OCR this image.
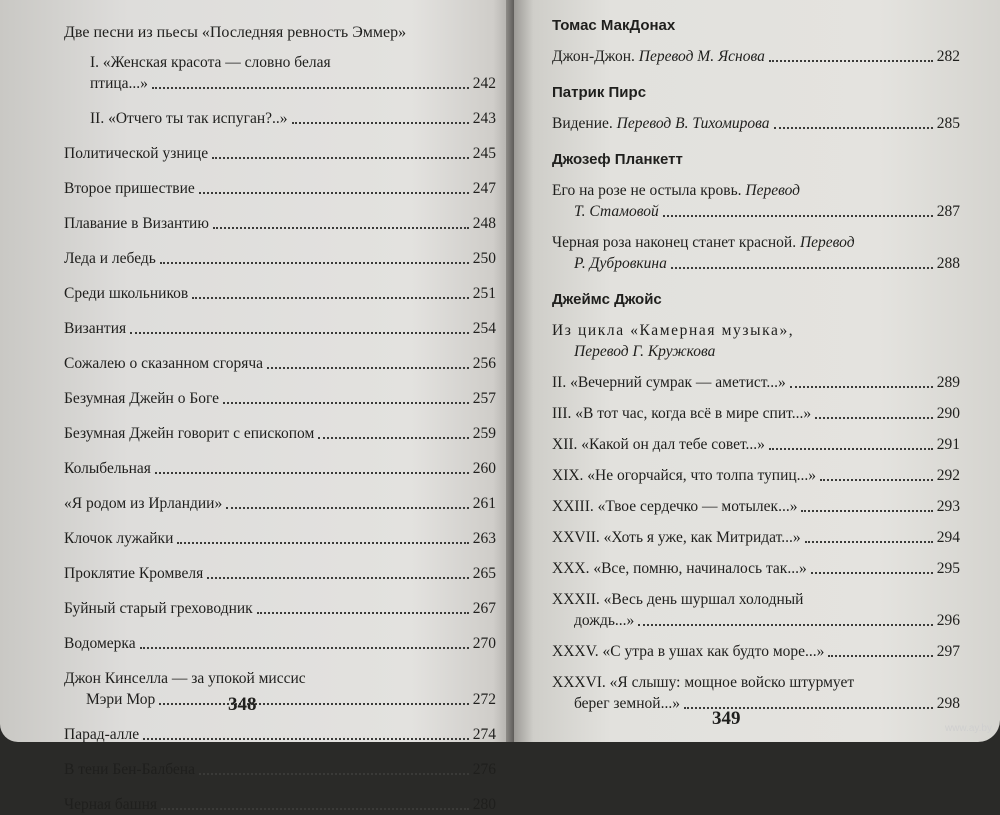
Две песни из пьесы «Последняя ревность Эммер»
I. «Женская красота — словно белая
птица...»	242
II. «Отчего ты так испуган?..»	243
Политической узнице	245
Второе пришествие	247
Плавание в Византию	248
Леда и лебедь	250
Среди школьников	251
Византия	254
Сожалею о сказанном сгоряча	256
Безумная Джейн о Боге	257
Безумная Джейн говорит с епископом	259
Колыбельная	260
«Я родом из Ирландии»	261
Клочок лужайки	263
Проклятие Кромвеля	265
Буйный старый греховодник	267
Водомерка	270
Джон Кинселла — за упокой миссис
Мэри Мор	272
Парад-алле	274
В тени Бен-Балбена	276
Черная башня	280
348
Томас МакДонах
Джон-Джон. Перевод М. Яснова	282
Патрик Пирс
Видение. Перевод В. Тихомирова	285
Джозеф Планкетт
Его на розе не остыла кровь. Перевод
Т. Стамовой	287
Черная роза наконец станет красной. Перевод
Р. Дубровкина	288
Джеймс Джойс
Из цикла «Камерная музыка»,
Перевод Г. Кружкова
II. «Вечерний сумрак — аметист...»	289
III. «В тот час, когда всё в мире спит...»	290
XII. «Какой он дал тебе совет...»	291
XIX. «Не огорчайся, что толпа тупиц...»	292
XXIII. «Твое сердечко — мотылек...»	293
XXVII. «Хоть я уже, как Митридат...»	294
XXX. «Все, помню, начиналось так...»	295
XXXII. «Весь день шуршал холодный
дождь...»	296
XXXV. «С утра в ушах как будто море...»	297
XXXVI. «Я слышу: мощное войско штурмует
берег земной...»	298
349	www.ay.by
